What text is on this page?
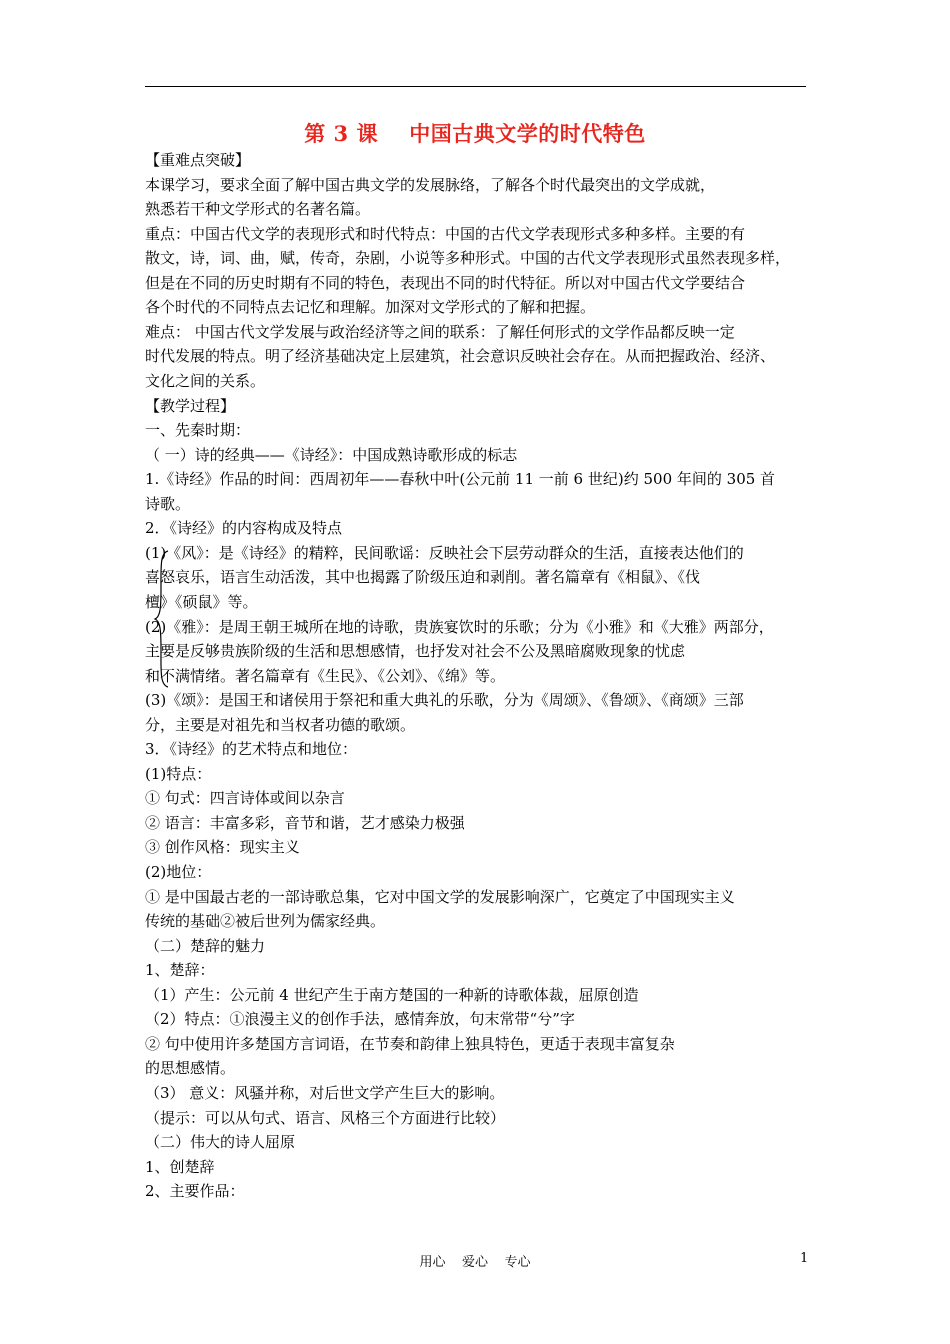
第 3 课    中国古典文学的时代特色
【重难点突破】
本课学习，要求全面了解中国古典文学的发展脉络，了解各个时代最突出的文学成就，
熟悉若干种文学形式的名著名篇。
重点：中国古代文学的表现形式和时代特点：中国的古代文学表现形式多种多样。主要的有
散文，诗，词、曲，赋，传奇，杂剧，小说等多种形式。中国的古代文学表现形式虽然表现多样，
但是在不同的历史时期有不同的特色，表现出不同的时代特征。所以对中国古代文学要结合
各个时代的不同特点去记忆和理解。加深对文学形式的了解和把握。
难点： 中国古代文学发展与政治经济等之间的联系：了解任何形式的文学作品都反映一定
时代发展的特点。明了经济基础决定上层建筑，社会意识反映社会存在。从而把握政治、经济、
文化之间的关系。
【教学过程】
一、先秦时期：
（ 一）诗的经典——《诗经》：中国成熟诗歌形成的标志
1.《诗经》作品的时间：西周初年——春秋中叶(公元前 11 一前 6 世纪)约 500 年间的 305 首
诗歌。
2．《诗经》的内容构成及特点
(1)《风》：是《诗经》的精粹，民间歌谣：反映社会下层劳动群众的生活，直接表达他们的
喜怒哀乐，语言生动活泼，其中也揭露了阶级压迫和剥削。著名篇章有《相鼠》、《伐
檀》《硕鼠》等。
(2)《雅》：是周王朝王城所在地的诗歌，贵族宴饮时的乐歌；分为《小雅》和《大雅》两部分，
主要是反够贵族阶级的生活和思想感情，也抒发对社会不公及黑暗腐败现象的忧虑
和不满情绪。著名篇章有《生民》、《公刘》、《绵》等。
(3)《颂》：是国王和诸侯用于祭祀和重大典礼的乐歌，分为《周颂》、《鲁颂》、《商颂》三部
分，主要是对祖先和当权者功德的歌颂。
3．《诗经》的艺术特点和地位：
(1)特点：
① 句式：四言诗体或间以杂言
② 语言：丰富多彩，音节和谐，艺才感染力极强
③ 创作风格：现实主义
(2)地位：
① 是中国最古老的一部诗歌总集，它对中国文学的发展影响深广，它奠定了中国现实主义
传统的基础②被后世列为儒家经典。
（二）楚辞的魅力
1、楚辞：
（1）产生：公元前 4 世纪产生于南方楚国的一种新的诗歌体裁，屈原创造
（2）特点：①浪漫主义的创作手法，感情奔放，句末常带“兮”字
② 句中使用许多楚国方言词语，在节奏和韵律上独具特色，更适于表现丰富复杂
的思想感情。
（3） 意义：风骚并称，对后世文学产生巨大的影响。
（提示：可以从句式、语言、风格三个方面进行比较）
（二）伟大的诗人屈原
1、创楚辞
2、主要作品：
用心    爱心    专心	1
